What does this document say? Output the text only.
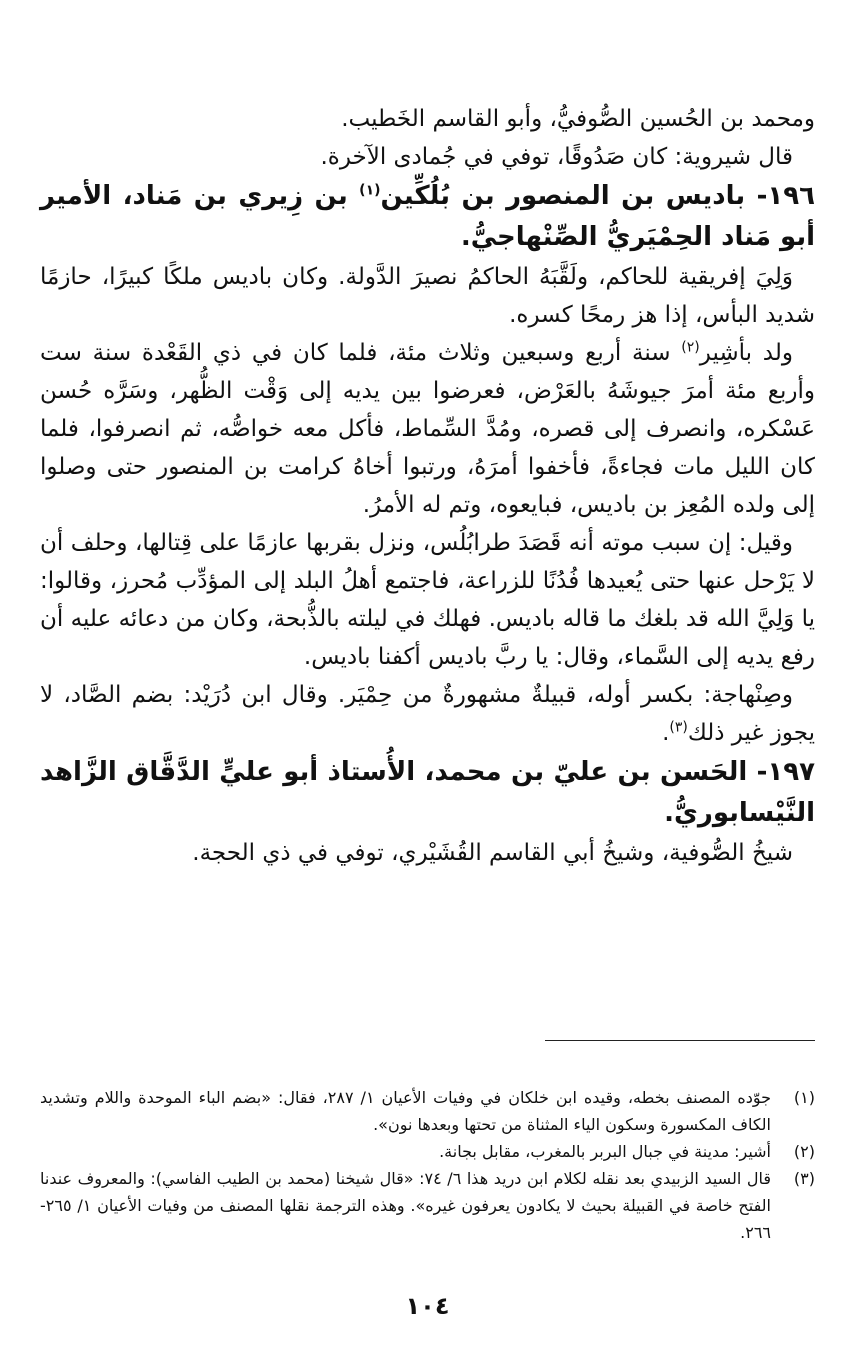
ومحمد بن الحُسين الصُّوفيُّ، وأبو القاسم الخَطيب.

قال شيروية: كان صَدُوقًا، توفي في جُمادى الآخرة.

١٩٦- باديس بن المنصور بن بُلُكِّين$^{(١)}$ بن زِيري بن مَناد، الأمير أبو مَناد الحِمْيَريُّ الصِّنْهاجيُّ.

وَلِيَ إفريقية للحاكم، ولَقَّبَهُ الحاكمُ نصيرَ الدَّولة. وكان باديس ملكًا كبيرًا، حازمًا شديد البأس، إذا هز رمحًا كسره.

ولد بأشِير$^{(٢)}$ سنة أربع وسبعين وثلاث مئة، فلما كان في ذي القَعْدة سنة ست وأربع مئة أمرَ جيوشَهُ بالعَرْض، فعرضوا بين يديه إلى وَقْت الظُّهر، وسَرَّه حُسن عَسْكره، وانصرف إلى قصره، ومُدَّ السِّماط، فأكل معه خواصُّه، ثم انصرفوا، فلما كان الليل مات فجاءةً، فأخفوا أمرَهُ، ورتبوا أخاهُ كرامت بن المنصور حتى وصلوا إلى ولده المُعِز بن باديس، فبايعوه، وتم له الأمرُ.

وقيل: إن سبب موته أنه قَصَدَ طرابُلُس، ونزل بقربها عازمًا على قِتالها، وحلف أن لا يَرْحل عنها حتى يُعيدها فُدُنًا للزراعة، فاجتمع أهلُ البلد إلى المؤدِّب مُحرز، وقالوا: يا وَلِيَّ الله قد بلغك ما قاله باديس. فهلك في ليلته بالذُّبحة، وكان من دعائه عليه أن رفع يديه إلى السَّماء، وقال: يا ربَّ باديس أكفنا باديس.

وصِنْهاجة: بكسر أوله، قبيلةٌ مشهورةٌ من حِمْيَر. وقال ابن دُرَيْد: بضم الصَّاد، لا يجوز غير ذلك$^{(٣)}$.

١٩٧- الحَسن بن عليّ بن محمد، الأُستاذ أبو عليٍّ الدَّقَّاق الزَّاهد النَّيْسابوريُّ.

شيخُ الصُّوفية، وشيخُ أبي القاسم القُشَيْري، توفي في ذي الحجة.

(١)
جوّده المصنف بخطه، وقيده ابن خلكان في وفيات الأعيان ١/ ٢٨٧، فقال: «بضم الباء الموحدة واللام وتشديد الكاف المكسورة وسكون الياء المثناة من تحتها وبعدها نون».

(٢)
أشير: مدينة في جبال البربر بالمغرب، مقابل بجانة.

(٣)
قال السيد الزبيدي بعد نقله لكلام ابن دريد هذا ٦/ ٧٤: «قال شيخنا (محمد بن الطيب الفاسي): والمعروف عندنا الفتح خاصة في القبيلة بحيث لا يكادون يعرفون غيره». وهذه الترجمة نقلها المصنف من وفيات الأعيان ١/ ٢٦٥- ٢٦٦.

١٠٤
